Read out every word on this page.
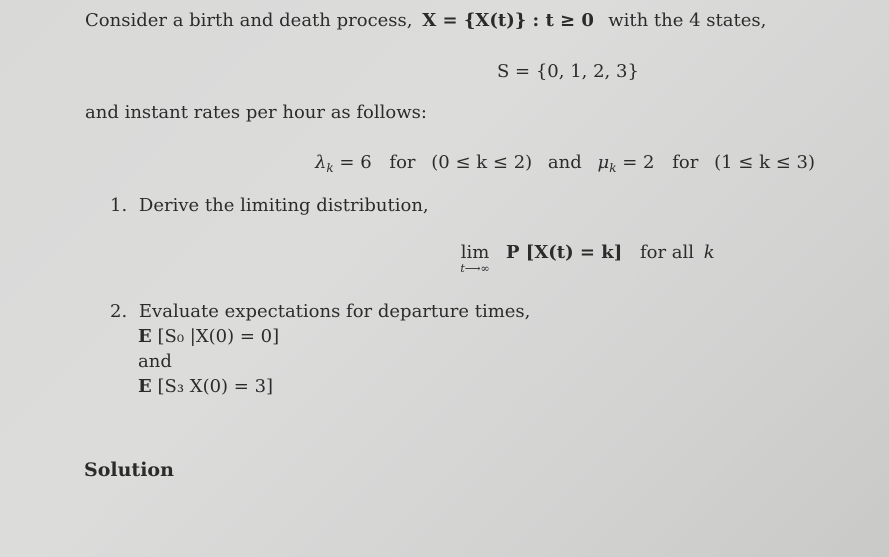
Consider a birth and death process, X = {X(t)} : t ≥ 0 with the 4 states,
S = {0, 1, 2, 3}
and instant rates per hour as follows:
$\lambda_k = 6$ for (0 ≤ k ≤ 2) and $\mu_k = 2$ for (1 ≤ k ≤ 3)
1. Derive the limiting distribution,
lim
t⟶∞
P [X(t) = k] for all k
2. Evaluate expectations for departure times,
E [S₀ |X(0) = 0]
and
E [S₃ X(0) = 3]
Solution
